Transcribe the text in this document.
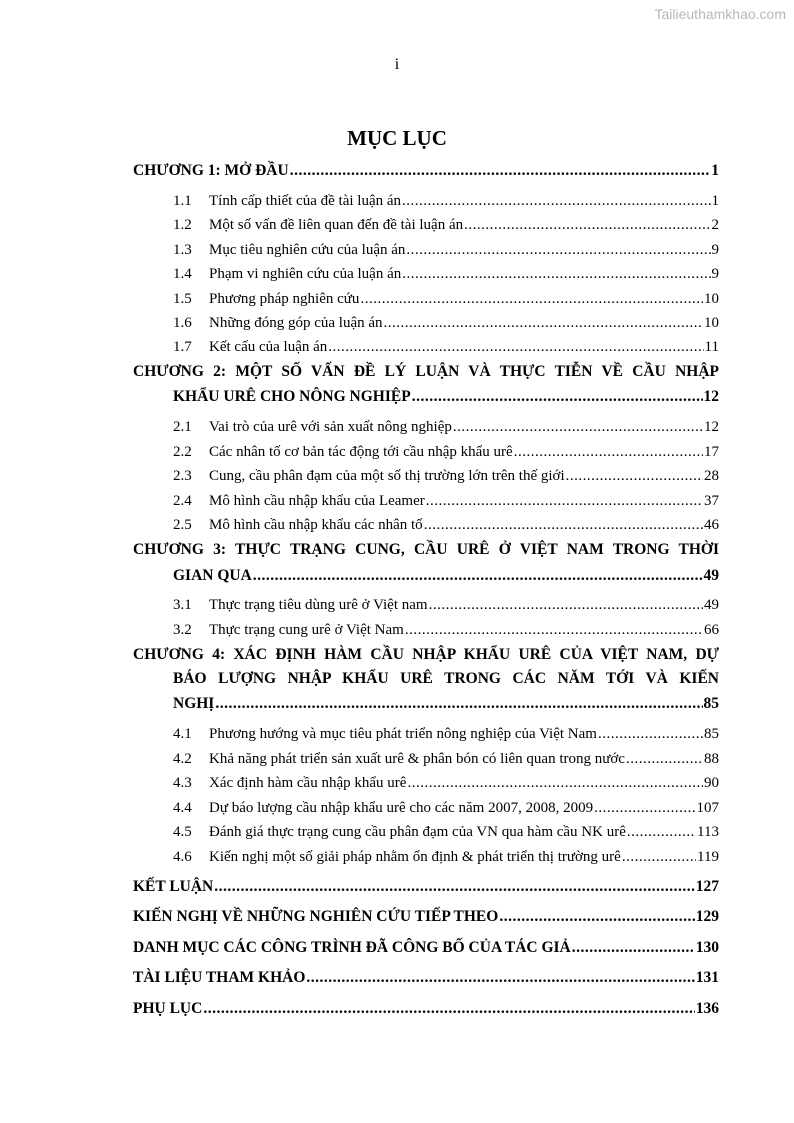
Tailieuthamkhao.com
i
MỤC LỤC
CHƯƠNG 1: MỞ ĐẦU .....	1
1.1	Tính cấp thiết của đề tài luận án .....	1
1.2	Một số vấn đề liên quan đến đề tài luận án .....	2
1.3	Mục tiêu nghiên cứu của luận án .....	9
1.4	Phạm vi nghiên cứu của luận án .....	9
1.5	Phương pháp nghiên cứu .....	10
1.6	Những đóng góp của luận án .....	10
1.7	Kết cấu của luận án .....	11
CHƯƠNG 2: MỘT SỐ VẤN ĐỀ LÝ LUẬN VÀ THỰC TIỄN VỀ CẦU NHẬP
KHẨU URÊ CHO NÔNG NGHIỆP .....	12
2.1	Vai trò của urê với sản xuất nông nghiệp .....	12
2.2	Các nhân tố cơ bản tác động tới cầu nhập khẩu urê .....	17
2.3	Cung, cầu phân đạm của một số thị trường lớn trên thế giới .....	28
2.4	Mô hình cầu nhập khẩu của Leamer .....	37
2.5	Mô hình cầu nhập khẩu các nhân tố .....	46
CHƯƠNG 3: THỰC TRẠNG CUNG, CẦU URÊ Ở VIỆT NAM TRONG THỜI
GIAN QUA .....	49
3.1	Thực trạng tiêu dùng urê ở Việt nam .....	49
3.2	Thực trạng cung urê ở Việt Nam .....	66
CHƯƠNG 4: XÁC ĐỊNH HÀM CẦU NHẬP KHẨU URÊ CỦA VIỆT NAM, DỰ
BÁO LƯỢNG NHẬP KHẨU URÊ TRONG CÁC NĂM TỚI VÀ KIẾN
NGHỊ .....	85
4.1	Phương hướng và mục tiêu phát triển nông nghiệp của Việt Nam .....	85
4.2	Khả năng phát triển sản xuất urê & phân bón có liên quan trong nước .....	88
4.3	Xác định hàm cầu nhập khẩu urê .....	90
4.4	Dự báo lượng cầu nhập khẩu urê cho các năm 2007, 2008, 2009 .....	107
4.5	Đánh giá thực trạng cung cầu phân đạm của VN qua hàm cầu NK urê .....	113
4.6	Kiến nghị một số giải pháp nhằm ổn định & phát triển thị trường urê .....	119
KẾT LUẬN .....	127
KIẾN NGHỊ VỀ NHỮNG NGHIÊN CỨU TIẾP THEO .....	129
DANH MỤC CÁC CÔNG TRÌNH ĐÃ CÔNG BỐ CỦA TÁC GIẢ .....	130
TÀI LIỆU THAM KHẢO .....	131
PHỤ LỤC .....	136
